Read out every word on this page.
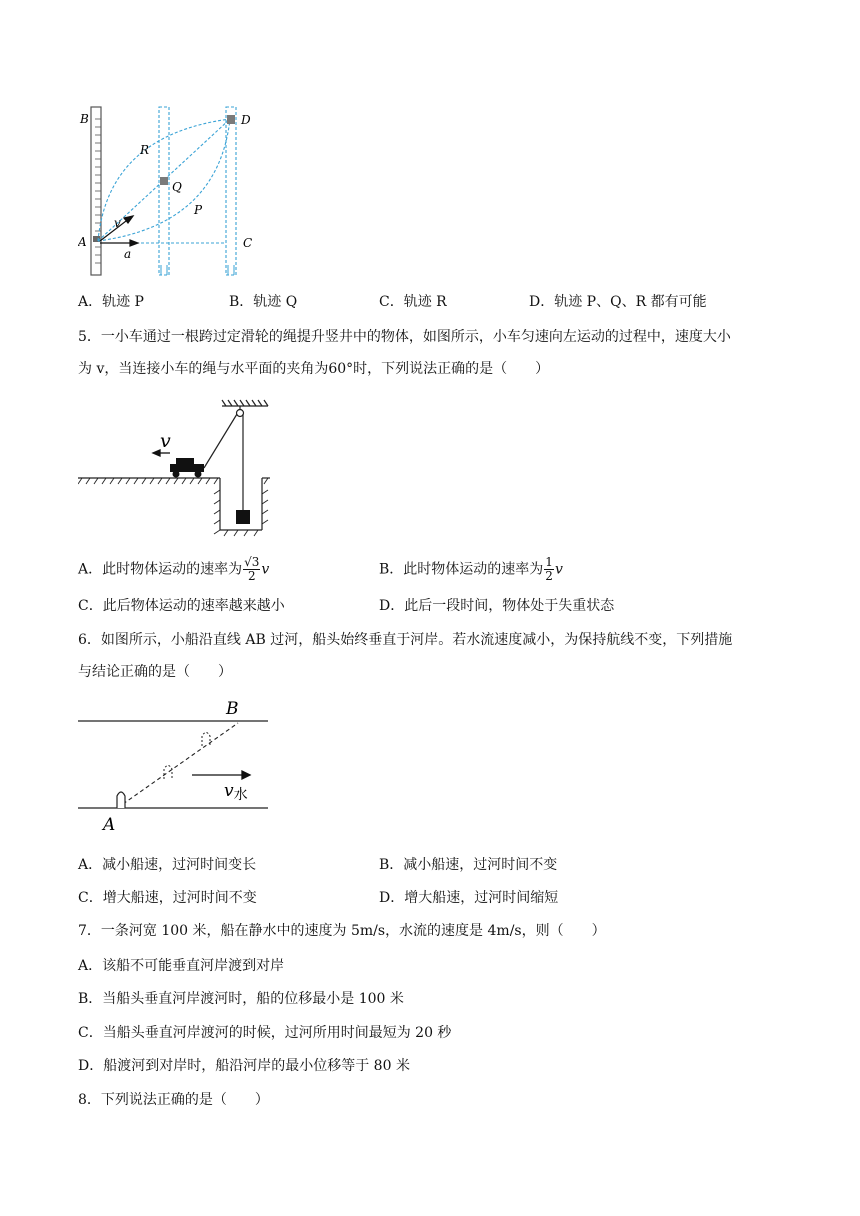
B	D
R
Q
P
A
v
a
C
A．轨迹 P	B．轨迹 Q	C．轨迹 R	D．轨迹 P、Q、R 都有可能
5．一小车通过一根跨过定滑轮的绳提升竖井中的物体，如图所示，小车匀速向左运动的过程中，速度大小
为 v，当连接小车的绳与水平面的夹角为60°时，下列说法正确的是（　　）
v
A．此时物体运动的速率为 $\frac{√3}{2}$ v	B．此时物体运动的速率为 $\frac{1}{2}$ v
C．此后物体运动的速率越来越小	D．此后一段时间，物体处于失重状态
6．如图所示，小船沿直线 AB 过河，船头始终垂直于河岸。若水流速度减小，为保持航线不变，下列措施
与结论正确的是（　　）
B
A
v水
A．减小船速，过河时间变长	B．减小船速，过河时间不变
C．增大船速，过河时间不变	D．增大船速，过河时间缩短
7．一条河宽 100 米，船在静水中的速度为 5m/s，水流的速度是 4m/s，则（　　）
A．该船不可能垂直河岸渡到对岸
B．当船头垂直河岸渡河时，船的位移最小是 100 米
C．当船头垂直河岸渡河的时候，过河所用时间最短为 20 秒
D．船渡河到对岸时，船沿河岸的最小位移等于 80 米
8．下列说法正确的是（　　）
